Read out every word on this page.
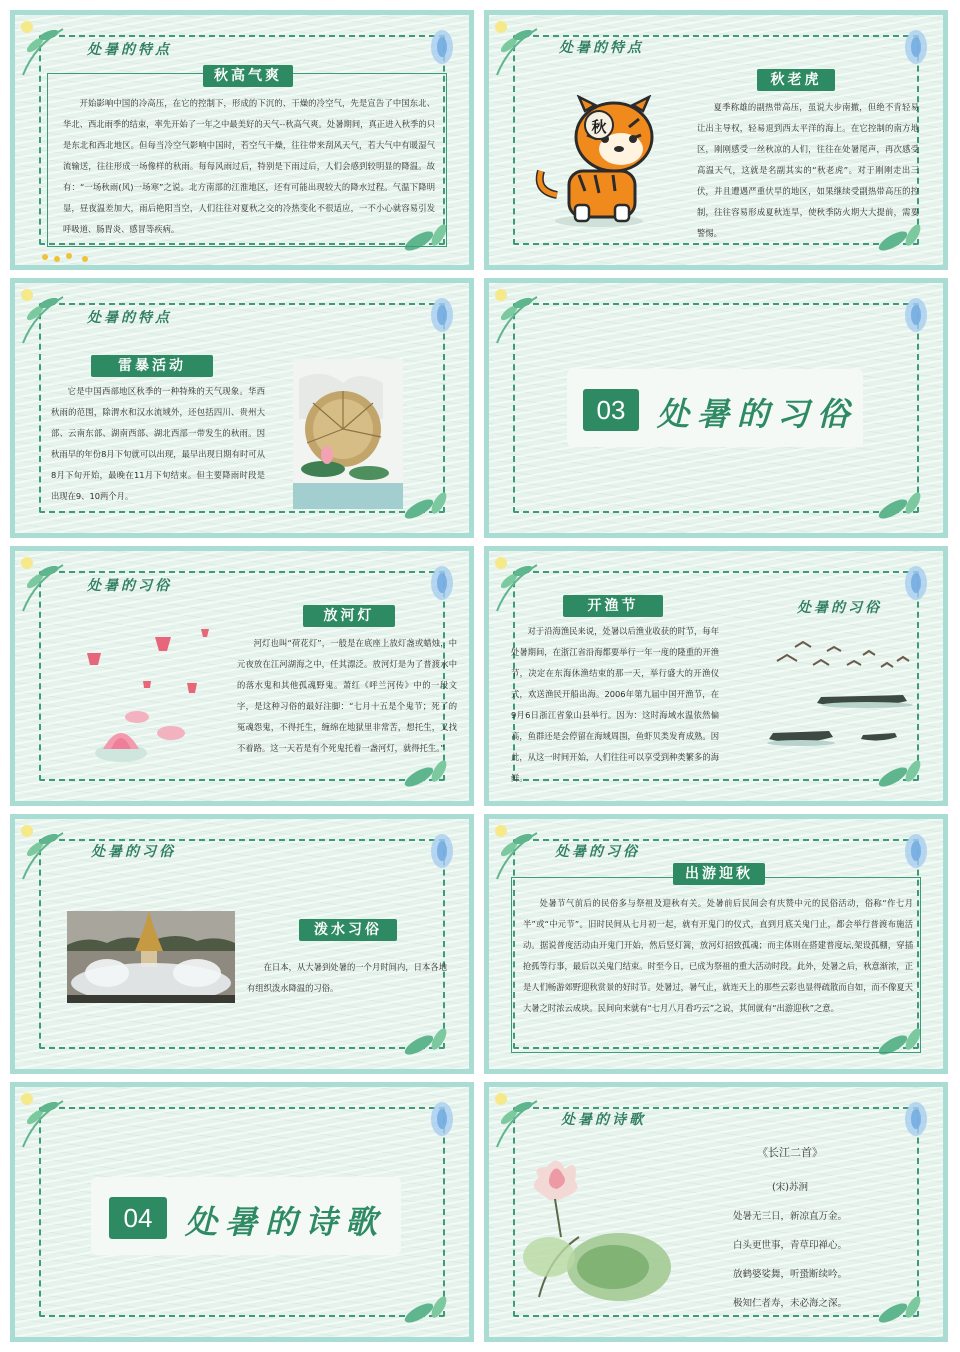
处暑的特点
秋高气爽
开始影响中国的冷高压，在它的控制下，形成的下沉的、干燥的冷空气，先是宣告了中国东北、华北、西北雨季的结束，率先开始了一年之中最美好的天气--秋高气爽。处暑期间，真正进入秋季的只是东北和西北地区。但每当冷空气影响中国时，若空气干燥，往往带来刮风天气，若大气中有暖湿气流输送，往往形成一场像样的秋雨。每每风雨过后，特别是下雨过后，人们会感到较明显的降温。故有：“一场秋雨(风)一场寒”之说。北方南部的江淮地区，还有可能出现较大的降水过程。气温下降明显，昼夜温差加大，雨后艳阳当空，人们往往对夏秋之交的冷热变化不很适应，一不小心就容易引发呼吸道、肠胃炎、感冒等疾病。
处暑的特点
秋
秋老虎
夏季称雄的副热带高压，虽说大步南撤，但绝不肯轻易让出主导权，轻易退到西太平洋的海上。在它控制的南方地区，刚刚感受一丝秋凉的人们，往往在处暑尾声，再次感受高温天气，这就是名副其实的“秋老虎”。对于刚刚走出三伏，并且遭遇严重伏旱的地区，如果继续受副热带高压的控制，往往容易形成夏秋连旱，使秋季防火期大大提前，需要警惕。
处暑的特点
雷暴活动
它是中国西部地区秋季的一种特殊的天气现象。华西秋雨的范围，除渭水和汉水流域外，还包括四川、贵州大部、云南东部、湖南西部、湖北西部一带发生的秋雨。因秋雨早的年份8月下旬就可以出现，最早出现日期有时可从8月下旬开始，最晚在11月下旬结束。但主要降雨时段是出现在9、10两个月。
03 处暑的习俗
处暑的习俗
放河灯
河灯也叫“荷花灯”，一般是在底座上放灯盏或蜡烛，中元夜放在江河湖海之中，任其漂泛。放河灯是为了普渡水中的落水鬼和其他孤魂野鬼。萧红《呼兰河传》中的一段文字，是这种习俗的最好注脚：“七月十五是个鬼节；死了的冤魂怨鬼，不得托生，缠绵在地狱里非常苦，想托生，又找不着路。这一天若是有个死鬼托着一盏河灯，就得托生。”
开渔节	处暑的习俗
对于沿海渔民来说，处暑以后渔业收获的时节，每年处暑期间，在浙江省沿海都要举行一年一度的隆重的开渔节，决定在东海休渔结束的那一天，举行盛大的开渔仪式，欢送渔民开船出海。2006年第九届中国开渔节，在9月6日浙江省象山县举行。因为：这时海域水温依然偏高，鱼群还是会停留在海域周围，鱼虾贝类发育成熟。因此，从这一时间开始，人们往往可以享受到种类繁多的海鲜。
处暑的习俗
泼水习俗
在日本，从大暑到处暑的一个月时间内，日本各地有组织泼水降温的习俗。
处暑的习俗
出游迎秋
处暑节气前后的民俗多与祭祖及迎秋有关。处暑前后民间会有庆赞中元的民俗活动，俗称“作七月半”或“中元节”。旧时民间从七月初一起，就有开鬼门的仪式，直到月底关鬼门止，都会举行普渡布施活动。据说普度活动由开鬼门开始，然后竖灯篙，放河灯招致孤魂；而主体则在搭建普度坛,架设孤棚，穿插抢孤等行事，最后以关鬼门结束。时至今日，已成为祭祖的重大活动时段。此外，处暑之后，秋意渐浓，正是人们畅游郊野迎秋赏景的好时节。处暑过，暑气止，就连天上的那些云彩也显得疏散而自如，而不像夏天大暑之时浓云成块。民间向来就有“七月八月看巧云”之说，其间就有“出游迎秋”之意。
04	处暑的诗歌
处暑的诗歌
《长江二首》
(宋)苏泂
处暑无三日，新凉直万金。
白头更世事，青草印禅心。
放鹤婆娑舞，听蛩断续吟。
极知仁者寿，未必海之深。
